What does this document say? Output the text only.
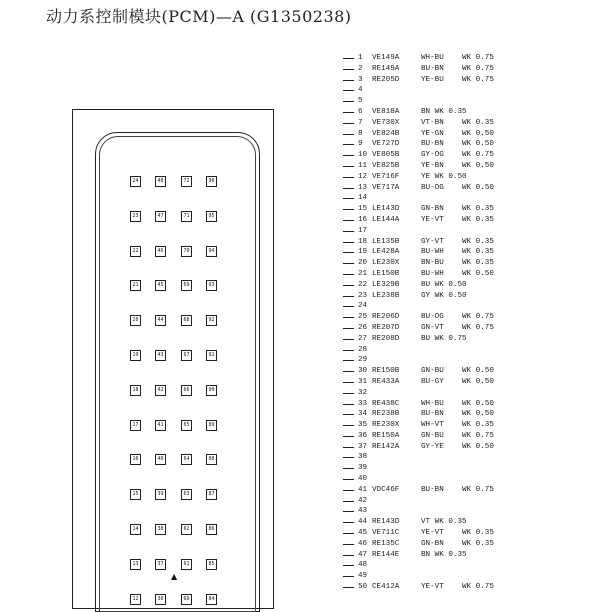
动力系控制模块(PCM)—A (G1350238)
24	48	72	96
23	47	71	95
22	46	70	94
21	45	69	93
20	44	68	92
19	43	67	91
18	42	66	90
17	41	65	89
16	40	64	88
15	39	63	87
14	38	62	86
13	37	61	85
12	36	60	84
▲
1 VE149A	WH-BU WK 0.75
2 RE149A	BU-BN WK 0.75
3 RE205D	YE-BU WK 0.75
4
5
6 VE818A	BN WK 0.35
7 VE730X	VT-BN WK 0.35
8 VE824B	YE-GN WK 0.50
9 VE727D	BU-BN WK 0.50
10 VE805B	GY-OG WK 0.75
11 VE825B	YE-BN WK 0.50
12 VE716F	YE WK 0.50
13 VE717A	BU-OG WK 0.50
14
15 LE143D	GN-BN WK 0.35
16 LE144A	YE-VT WK 0.35
17
18 LE135B	GY-VT WK 0.35
19 LE428A	BU-WH WK 0.35
20 LE230X	BN-BU WK 0.35
21 LE150B	BU-WH WK 0.50
22 LE329B	BU WK 0.50
23 LE238B	GY WK 0.50
24
25 RE206D	BU-OG WK 0.75
26 RE207D	GN-VT WK 0.75
27 RE208D	BU WK 0.75
28
29
30 RE150B	GN-BU WK 0.50
31 RE433A	BU-GY WK 0.50
32
33 RE438C	WH-BU WK 0.50
34 RE238B	BU-BN WK 0.50
35 RE230X	WH-VT WK 0.35
36 RE150A	GN-BU WK 0.75
37 RE142A	GY-YE WK 0.50
38
39
40
41 VDC46F	BU-BN WK 0.75
42
43
44 RE143D	VT WK 0.35
45 VE711C	YE-VT WK 0.35
46 RE135C	GN-BN WK 0.35
47 RE144E	BN WK 0.35
48
49
50 CE412A	YE-VT WK 0.75
